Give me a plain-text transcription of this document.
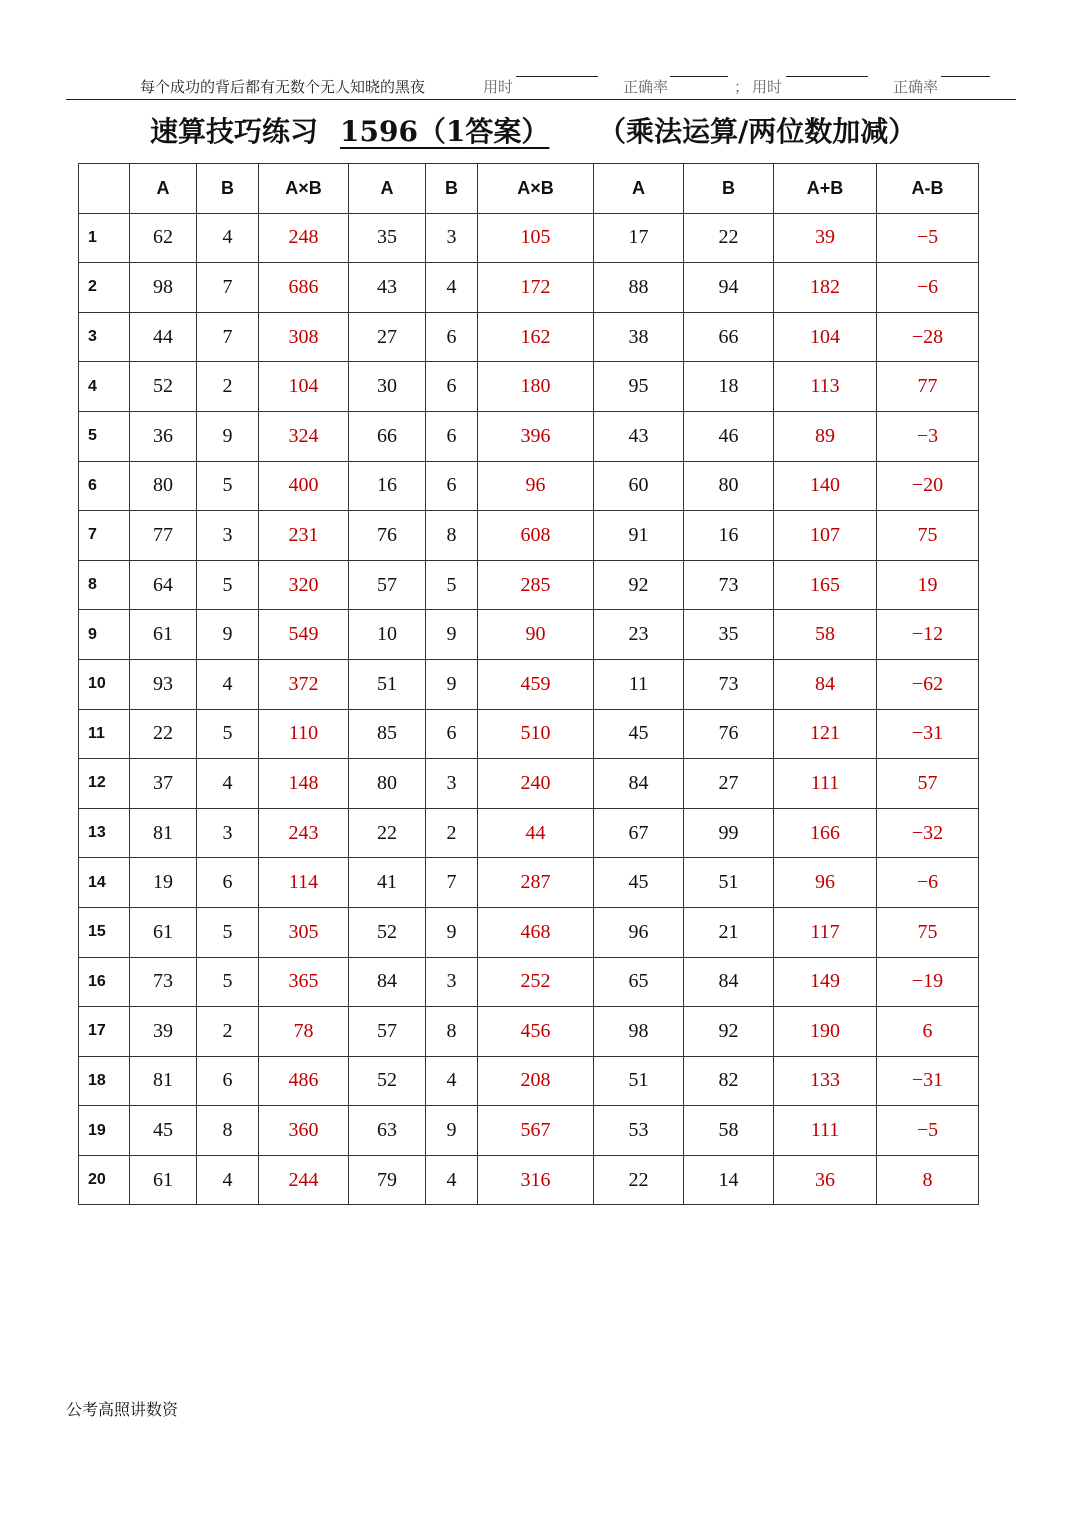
每个成功的背后都有无数个无人知晓的黑夜	用时	正确率	； 用时	正确率
速算技巧练习 1596（1答案） （乘法运算/两位数加减）
	A	B	A×B	A	B	A×B	A	B	A+B	A-B
1	62	4	248	35	3	105	17	22	39	−5
2	98	7	686	43	4	172	88	94	182	−6
3	44	7	308	27	6	162	38	66	104	−28
4	52	2	104	30	6	180	95	18	113	77
5	36	9	324	66	6	396	43	46	89	−3
6	80	5	400	16	6	96	60	80	140	−20
7	77	3	231	76	8	608	91	16	107	75
8	64	5	320	57	5	285	92	73	165	19
9	61	9	549	10	9	90	23	35	58	−12
10	93	4	372	51	9	459	11	73	84	−62
11	22	5	110	85	6	510	45	76	121	−31
12	37	4	148	80	3	240	84	27	111	57
13	81	3	243	22	2	44	67	99	166	−32
14	19	6	114	41	7	287	45	51	96	−6
15	61	5	305	52	9	468	96	21	117	75
16	73	5	365	84	3	252	65	84	149	−19
17	39	2	78	57	8	456	98	92	190	6
18	81	6	486	52	4	208	51	82	133	−31
19	45	8	360	63	9	567	53	58	111	−5
20	61	4	244	79	4	316	22	14	36	8
公考高照讲数资
